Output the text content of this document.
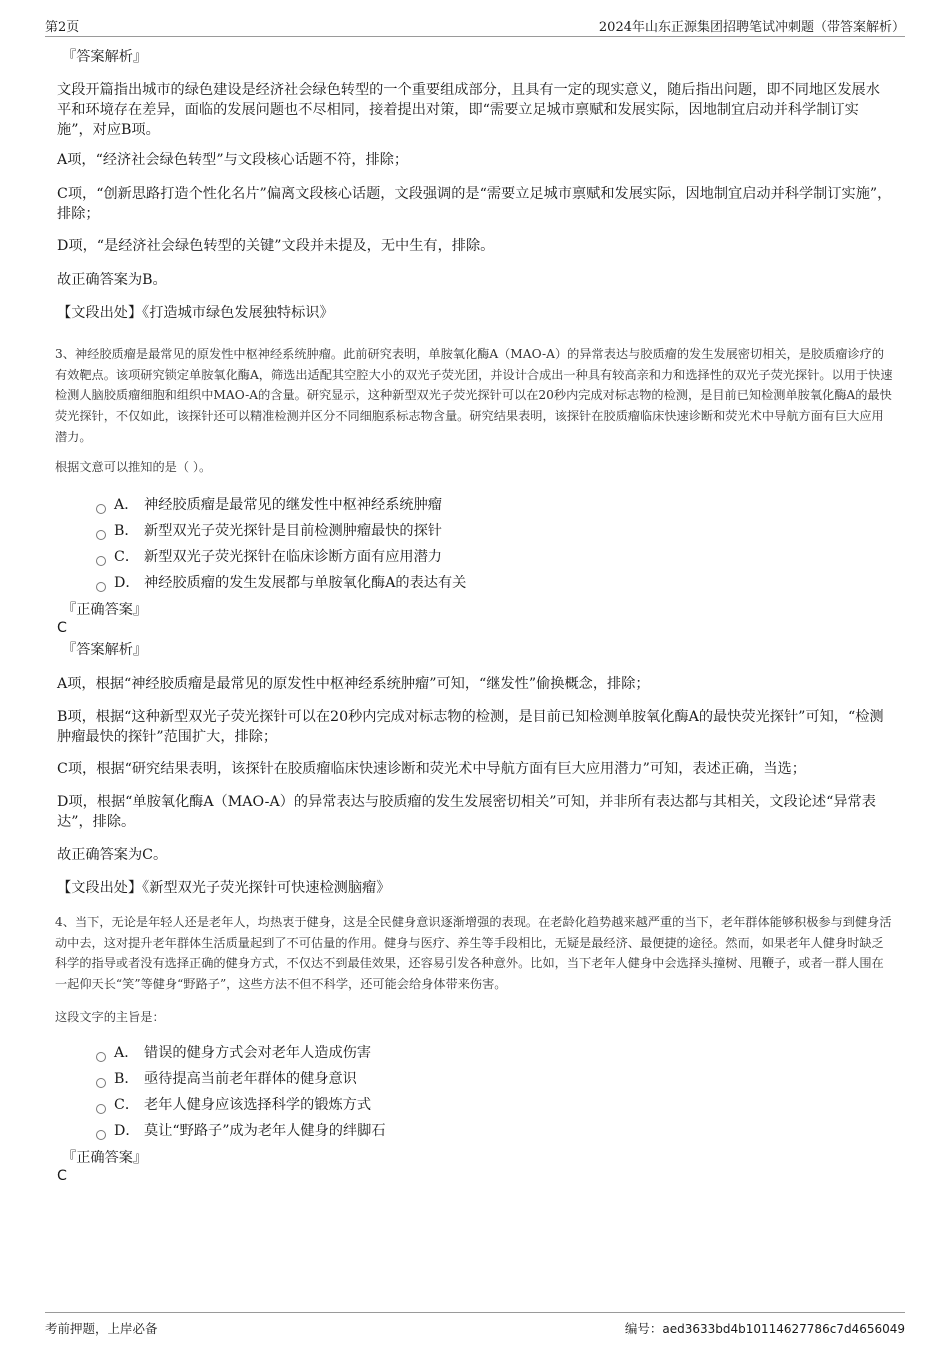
第2页	2024年山东正源集团招聘笔试冲刺题（带答案解析）
『答案解析』
文段开篇指出城市的绿色建设是经济社会绿色转型的一个重要组成部分，且具有一定的现实意义，随后指出问题，即不同地区发展水平和环境存在差异，面临的发展问题也不尽相同，接着提出对策，即“需要立足城市禀赋和发展实际，因地制宜启动并科学制订实施”，对应B项。
A项，“经济社会绿色转型”与文段核心话题不符，排除；
C项，“创新思路打造个性化名片”偏离文段核心话题，文段强调的是“需要立足城市禀赋和发展实际，因地制宜启动并科学制订实施”，排除；
D项，“是经济社会绿色转型的关键”文段并未提及，无中生有，排除。
故正确答案为B。
【文段出处】《打造城市绿色发展独特标识》
3、神经胶质瘤是最常见的原发性中枢神经系统肿瘤。此前研究表明，单胺氧化酶A（MAO-A）的异常表达与胶质瘤的发生发展密切相关，是胶质瘤诊疗的有效靶点。该项研究锁定单胺氧化酶A，筛选出适配其空腔大小的双光子荧光团，并设计合成出一种具有较高亲和力和选择性的双光子荧光探针。以用于快速检测人脑胶质瘤细胞和组织中MAO-A的含量。研究显示，这种新型双光子荧光探针可以在20秒内完成对标志物的检测，是目前已知检测单胺氧化酶A的最快荧光探针，不仅如此，该探针还可以精准检测并区分不同细胞系标志物含量。研究结果表明，该探针在胶质瘤临床快速诊断和荧光术中导航方面有巨大应用潜力。
根据文意可以推知的是（ ）。
A． 神经胶质瘤是最常见的继发性中枢神经系统肿瘤
B． 新型双光子荧光探针是目前检测肿瘤最快的探针
C． 新型双光子荧光探针在临床诊断方面有应用潜力
D． 神经胶质瘤的发生发展都与单胺氧化酶A的表达有关
『正确答案』
C
『答案解析』
A项，根据“神经胶质瘤是最常见的原发性中枢神经系统肿瘤”可知，“继发性”偷换概念，排除；
B项，根据“这种新型双光子荧光探针可以在20秒内完成对标志物的检测，是目前已知检测单胺氧化酶A的最快荧光探针”可知，“检测肿瘤最快的探针”范围扩大，排除；
C项，根据“研究结果表明，该探针在胶质瘤临床快速诊断和荧光术中导航方面有巨大应用潜力”可知，表述正确，当选；
D项，根据“单胺氧化酶A（MAO-A）的异常表达与胶质瘤的发生发展密切相关”可知，并非所有表达都与其相关，文段论述“异常表达”，排除。
故正确答案为C。
【文段出处】《新型双光子荧光探针可快速检测脑瘤》
4、当下，无论是年轻人还是老年人，均热衷于健身，这是全民健身意识逐渐增强的表现。在老龄化趋势越来越严重的当下，老年群体能够积极参与到健身活动中去，这对提升老年群体生活质量起到了不可估量的作用。健身与医疗、养生等手段相比，无疑是最经济、最便捷的途径。然而，如果老年人健身时缺乏科学的指导或者没有选择正确的健身方式，不仅达不到最佳效果，还容易引发各种意外。比如，当下老年人健身中会选择头撞树、甩鞭子，或者一群人围在一起仰天长“笑”等健身“野路子”，这些方法不但不科学，还可能会给身体带来伤害。
这段文字的主旨是：
A． 错误的健身方式会对老年人造成伤害
B． 亟待提高当前老年群体的健身意识
C． 老年人健身应该选择科学的锻炼方式
D． 莫让“野路子”成为老年人健身的绊脚石
『正确答案』
C
考前押题，上岸必备	编号：aed3633bd4b10114627786c7d4656049
